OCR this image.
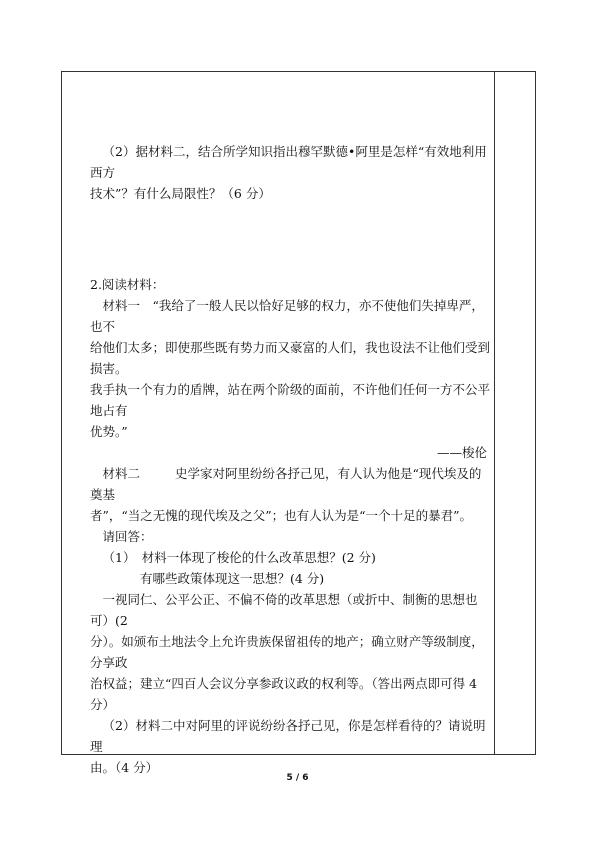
（2）据材料二，结合所学知识指出穆罕默德•阿里是怎样“有效地利用西方

技术”？有什么局限性？（6 分）

2.阅读材料：

材料一　 “我给了一般人民以恰好足够的权力，亦不使他们失掉卑严，也不

给他们太多；即使那些既有势力而又豪富的人们，我也设法不让他们受到损害。

我手执一个有力的盾牌，站在两个阶级的面前，不许他们任何一方不公平地占有

优势。”

——梭伦

材料二　　	史学家对阿里纷纷各抒己见，有人认为他是“现代埃及的奠基

者”，“当之无愧的现代埃及之父”；也有人认为是“一个十足的暴君”。

请回答：

（1）　材料一体现了梭伦的什么改革思想？(2 分)

有哪些政策体现这一思想？(4 分)

一视同仁、公平公正、不偏不倚的改革思想（或折中、制衡的思想也可）(2

分）。如颁布土地法令上允许贵族保留祖传的地产；确立财产等级制度，分享政

治权益；建立“四百人会议分享参政议政的权利等。（答出两点即可得 4 分）

（2）材料二中对阿里的评说纷纷各抒己见，你是怎样看待的？请说明理

由。（4 分）

5 / 6
